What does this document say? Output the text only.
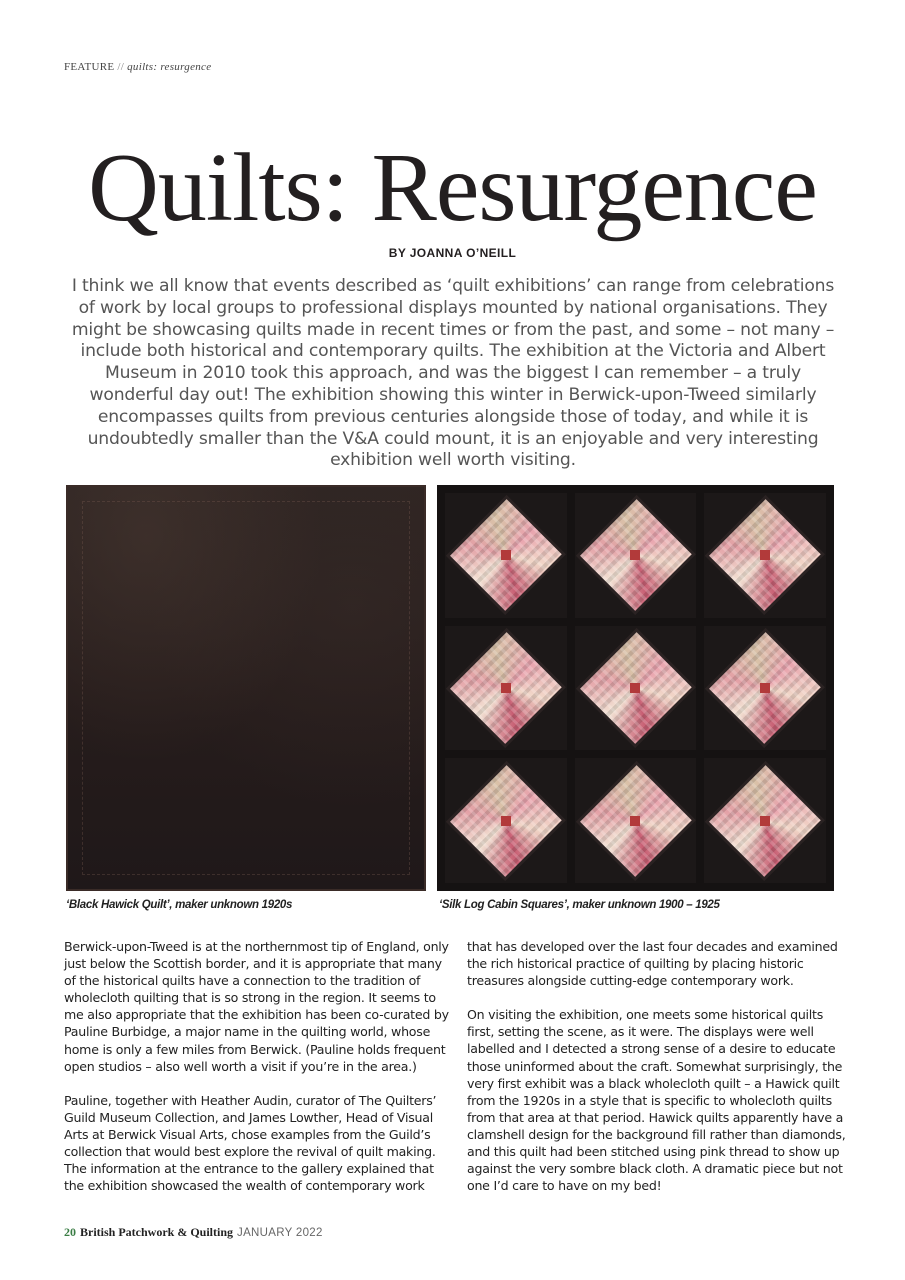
FEATURE // quilts: resurgence
Quilts: Resurgence
BY JOANNA O’NEILL

I think we all know that events described as ‘quilt exhibitions’ can range from celebrations of work by local groups to professional displays mounted by national organisations. They might be showcasing quilts made in recent times or from the past, and some – not many – include both historical and contemporary quilts. The exhibition at the Victoria and Albert Museum in 2010 took this approach, and was the biggest I can remember – a truly wonderful day out! The exhibition showing this winter in Berwick-upon-Tweed similarly encompasses quilts from previous centuries alongside those of today, and while it is undoubtedly smaller than the V&A could mount, it is an enjoyable and very interesting exhibition well worth visiting.

‘Black Hawick Quilt’, maker unknown 1920s	‘Silk Log Cabin Squares’, maker unknown 1900 – 1925

Berwick-upon-Tweed is at the northernmost tip of England, only just below the Scottish border, and it is appropriate that many of the historical quilts have a connection to the tradition of wholecloth quilting that is so strong in the region. It seems to me also appropriate that the exhibition has been co-curated by Pauline Burbidge, a major name in the quilting world, whose home is only a few miles from Berwick. (Pauline holds frequent open studios – also well worth a visit if you’re in the area.)

Pauline, together with Heather Audin, curator of The Quilters’ Guild Museum Collection, and James Lowther, Head of Visual Arts at Berwick Visual Arts, chose examples from the Guild’s collection that would best explore the revival of quilt making. The information at the entrance to the gallery explained that the exhibition showcased the wealth of contemporary work

that has developed over the last four decades and examined the rich historical practice of quilting by placing historic treasures alongside cutting-edge contemporary work.

On visiting the exhibition, one meets some historical quilts first, setting the scene, as it were. The displays were well labelled and I detected a strong sense of a desire to educate those uninformed about the craft. Somewhat surprisingly, the very first exhibit was a black wholecloth quilt – a Hawick quilt from the 1920s in a style that is specific to wholecloth quilts from that area at that period. Hawick quilts apparently have a clamshell design for the background fill rather than diamonds, and this quilt had been stitched using pink thread to show up against the very sombre black cloth. A dramatic piece but not one I’d care to have on my bed!

20 British Patchwork & Quilting JANUARY 2022
